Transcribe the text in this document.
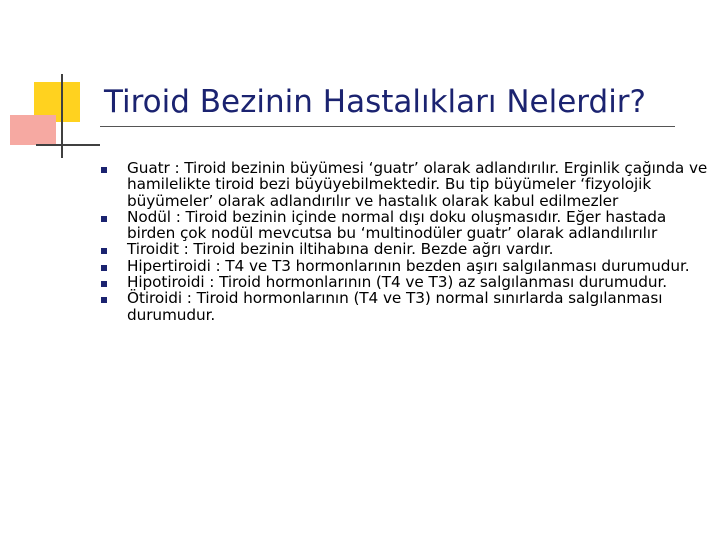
Tiroid Bezinin Hastalıkları Nelerdir?
Guatr : Tiroid bezinin büyümesi ‘guatr’ olarak adlandırılır. Erginlik çağında ve hamilelikte tiroid bezi büyüyebilmektedir. Bu tip büyümeler ‘fizyolojik büyümeler’ olarak adlandırılır ve hastalık olarak kabul edilmezler
Nodül : Tiroid bezinin içinde normal dışı doku oluşmasıdır. Eğer hastada birden çok nodül mevcutsa bu ‘multinodüler guatr’ olarak adlandılırılır
Tiroidit : Tiroid bezinin iltihabına denir. Bezde ağrı vardır.
Hipertiroidi : T4 ve T3 hormonlarının bezden aşırı salgılanması durumudur.
Hipotiroidi : Tiroid hormonlarının (T4 ve T3) az salgılanması durumudur.
Ötiroidi : Tiroid hormonlarının (T4 ve T3) normal sınırlarda salgılanması durumudur.
